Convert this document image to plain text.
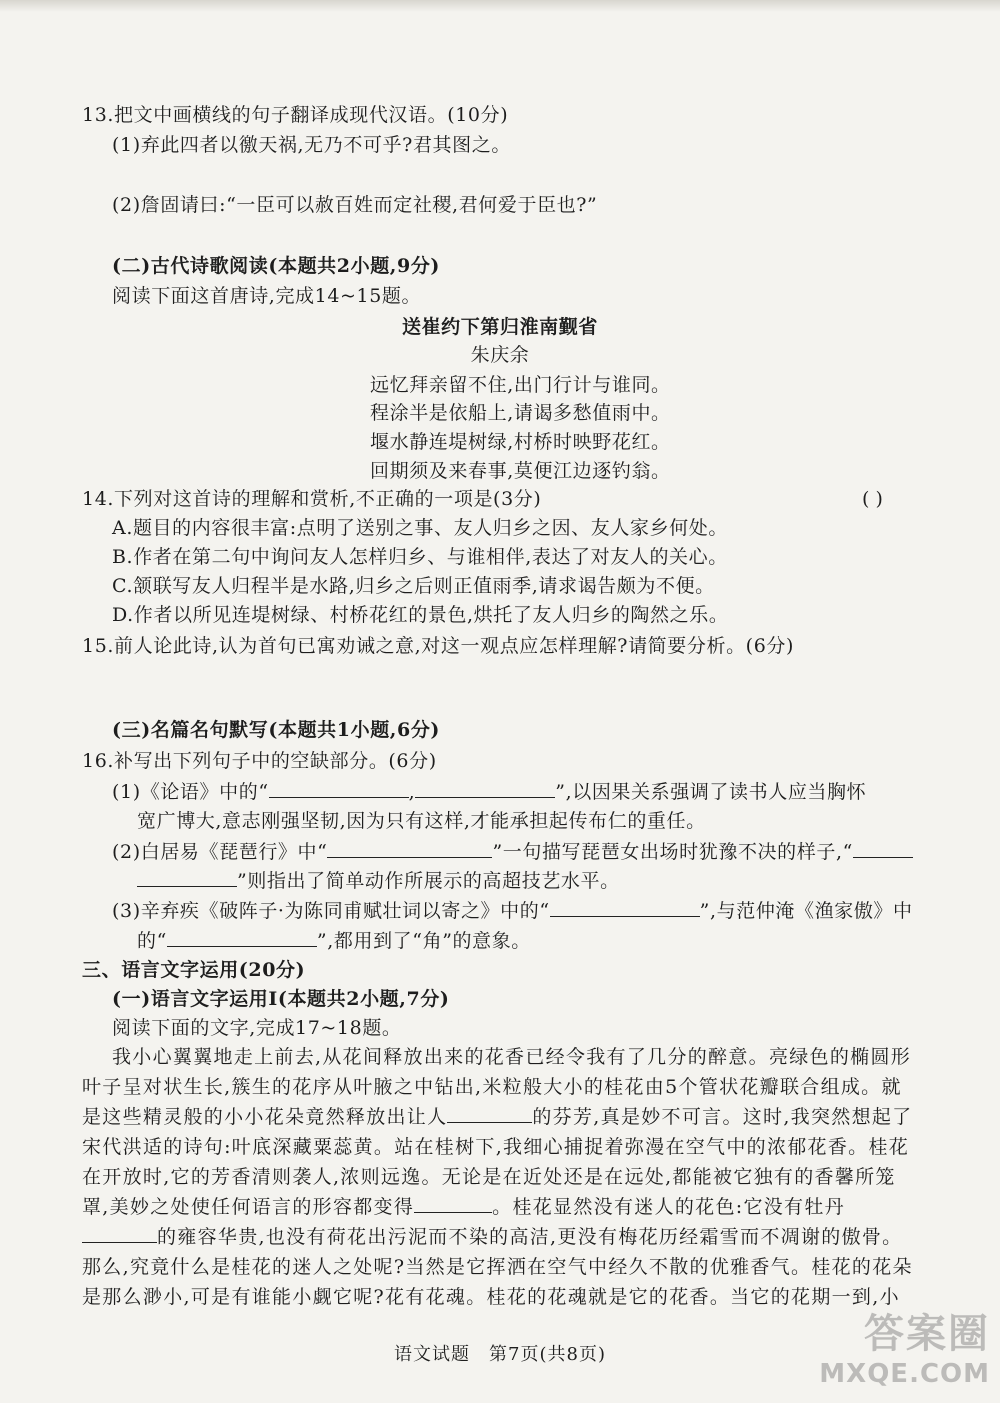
13.把文中画横线的句子翻译成现代汉语。(10分)
(1)弃此四者以徼天祸,无乃不可乎?君其图之。
(2)詹固请曰:“一臣可以赦百姓而定社稷,君何爱于臣也?”
(二)古代诗歌阅读(本题共2小题,9分)
阅读下面这首唐诗,完成14~15题。
送崔约下第归淮南觐省
朱庆余
远忆拜亲留不住,出门行计与谁同。
程涂半是依船上,请谒多愁值雨中。
堰水静连堤树绿,村桥时映野花红。
回期须及来春事,莫便江边逐钓翁。
14.下列对这首诗的理解和赏析,不正确的一项是(3分)	( )
A.题目的内容很丰富:点明了送别之事、友人归乡之因、友人家乡何处。
B.作者在第二句中询问友人怎样归乡、与谁相伴,表达了对友人的关心。
C.颔联写友人归程半是水路,归乡之后则正值雨季,请求谒告颇为不便。
D.作者以所见连堤树绿、村桥花红的景色,烘托了友人归乡的陶然之乐。
15.前人论此诗,认为首句已寓劝诫之意,对这一观点应怎样理解?请简要分析。(6分)
(三)名篇名句默写(本题共1小题,6分)
16.补写出下列句子中的空缺部分。(6分)
(1)《论语》中的“	,	”,以因果关系强调了读书人应当胸怀
宽广博大,意志刚强坚韧,因为只有这样,才能承担起传布仁的重任。
(2)白居易《琵琶行》中“	”一句描写琵琶女出场时犹豫不决的样子,“
”则指出了简单动作所展示的高超技艺水平。
(3)辛弃疾《破阵子·为陈同甫赋壮词以寄之》中的“	”,与范仲淹《渔家傲》中
的“	”,都用到了“角”的意象。
三、语言文字运用(20分)
(一)语言文字运用Ⅰ(本题共2小题,7分)
阅读下面的文字,完成17~18题。
我小心翼翼地走上前去,从花间释放出来的花香已经令我有了几分的醉意。亮绿色的椭圆形
叶子呈对状生长,簇生的花序从叶腋之中钻出,米粒般大小的桂花由5个管状花瓣联合组成。就
是这些精灵般的小小花朵竟然释放出让人	的芬芳,真是妙不可言。这时,我突然想起了
宋代洪适的诗句:叶底深藏粟蕊黄。站在桂树下,我细心捕捉着弥漫在空气中的浓郁花香。桂花
在开放时,它的芳香清则袭人,浓则远逸。无论是在近处还是在远处,都能被它独有的香馨所笼
罩,美妙之处使任何语言的形容都变得	。桂花显然没有迷人的花色:它没有牡丹
的雍容华贵,也没有荷花出污泥而不染的高洁,更没有梅花历经霜雪而不凋谢的傲骨。
那么,究竟什么是桂花的迷人之处呢?当然是它挥洒在空气中经久不散的优雅香气。桂花的花朵
是那么渺小,可是有谁能小觑它呢?花有花魂。桂花的花魂就是它的花香。当它的花期一到,小
语文试题　第7页(共8页)	答案圈
MXQE.COM
